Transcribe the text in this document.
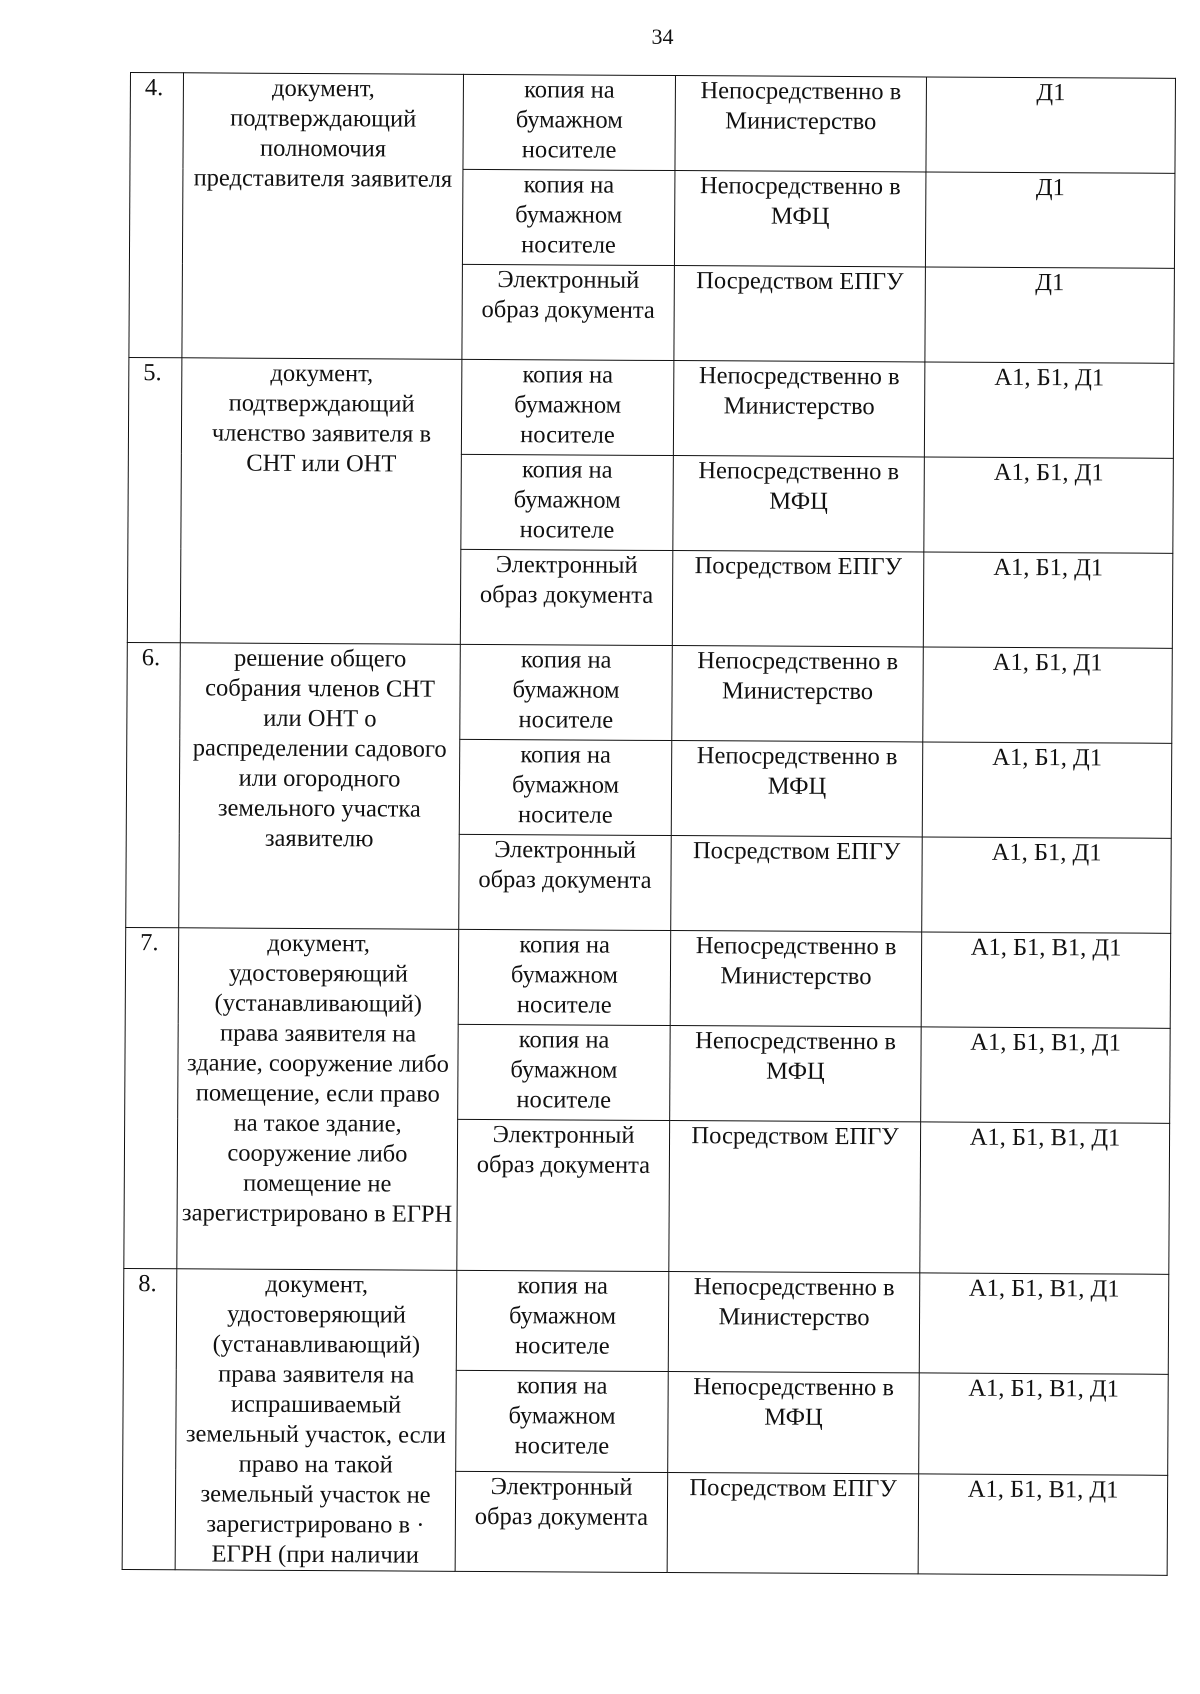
34
4.	документ, подтверждающий полномочия представителя заявителя	копия на бумажном носителе	Непосредственно в Министерство	Д1
		копия на бумажном носителе	Непосредственно в МФЦ	Д1
		Электронный образ документа	Посредством ЕПГУ	Д1
5.	документ, подтверждающий членство заявителя в СНТ или ОНТ	копия на бумажном носителе	Непосредственно в Министерство	А1, Б1, Д1
		копия на бумажном носителе	Непосредственно в МФЦ	А1, Б1, Д1
		Электронный образ документа	Посредством ЕПГУ	А1, Б1, Д1
6.	решение общего собрания членов СНТ или ОНТ о распределении садового или огородного земельного участка заявителю	копия на бумажном носителе	Непосредственно в Министерство	А1, Б1, Д1
		копия на бумажном носителе	Непосредственно в МФЦ	А1, Б1, Д1
		Электронный образ документа	Посредством ЕПГУ	А1, Б1, Д1
7.	документ, удостоверяющий (устанавливающий) права заявителя на здание, сооружение либо помещение, если право на такое здание, сооружение либо помещение не зарегистрировано в ЕГРН	копия на бумажном носителе	Непосредственно в Министерство	А1, Б1, В1, Д1
		копия на бумажном носителе	Непосредственно в МФЦ	А1, Б1, В1, Д1
		Электронный образ документа	Посредством ЕПГУ	А1, Б1, В1, Д1
8.	документ, удостоверяющий (устанавливающий) права заявителя на испрашиваемый земельный участок, если право на такой земельный участок не зарегистрировано в · ЕГРН (при наличии	копия на бумажном носителе	Непосредственно в Министерство	А1, Б1, В1, Д1
		копия на бумажном носителе	Непосредственно в МФЦ	А1, Б1, В1, Д1
		Электронный образ документа	Посредством ЕПГУ	А1, Б1, В1, Д1
